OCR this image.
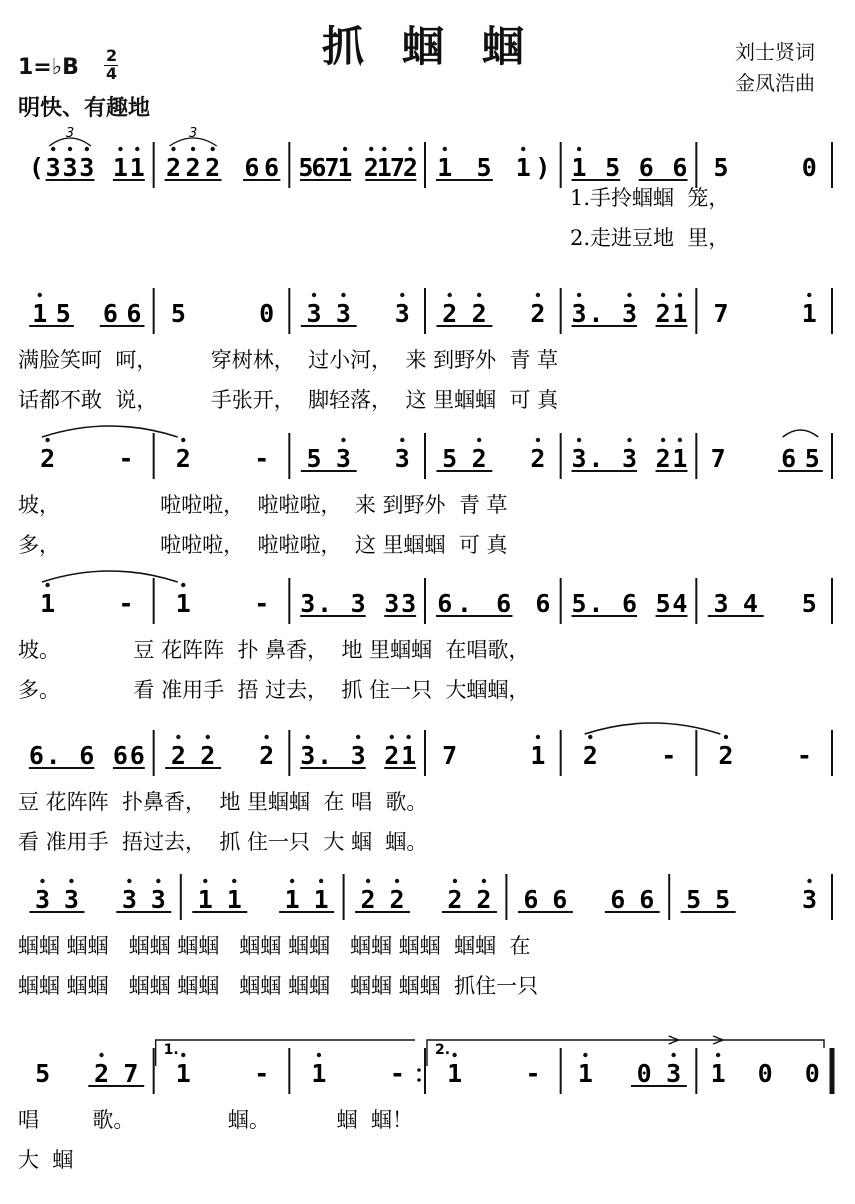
抓蝈蝈	刘士贤词
金凤浩曲
1=♭B 2
4
明快、有趣地
( 3 3 3 1 1
3
2 2 2 6 6
3
5
6
7
1 2
1
7
2 1 5 1 ) 1 5 6 6 5	0
1.手拎蝈蝈  笼，
2.走进豆地  里，
1 5 6 6 5	0 3 3 3 2 2 2 3 . 3 2 1 7	1
满脸笑呵  呵，        穿树林，  过小河，  来 到野外  青 草
话都不敢  说，        手张开，  脚轻落，  这 里蝈蝈  可 真
2	- 2	- 5 3 3 5 2 2 3 . 3 2 1 7 6 5
坡，               啦啦啦，  啦啦啦，  来 到野外  青 草
多，               啦啦啦，  啦啦啦，  这 里蝈蝈  可 真
1	- 1	- 3 . 3 3 3 6 . 6 6 5 . 6 5 4 3 4 5
坡。           豆 花阵阵  扑 鼻香，  地 里蝈蝈  在唱歌，
多。           看 准用手  捂 过去，  抓 住一只  大蝈蝈，
6 . 6 6 6 2 2 2 3 . 3 2 1 7	1 2	- 2	-
豆 花阵阵  扑鼻香，  地 里蝈蝈  在 唱  歌。
看 准用手  捂过去，  抓 住一只  大 蝈  蝈。
3 3 3 3 1 1 1 1 2 2 2 2 6 6 6 6 5 5	3
蝈蝈 蝈蝈   蝈蝈 蝈蝈   蝈蝈 蝈蝈   蝈蝈 蝈蝈  蝈蝈  在
蝈蝈 蝈蝈   蝈蝈 蝈蝈   蝈蝈 蝈蝈   蝈蝈 蝈蝈  抓住一只
5 2 7 1	- 1	- 1	- 1 0 3 1 0 0
1.	2.
唱        歌。              蝈。          蝈  蝈！
大  蝈
